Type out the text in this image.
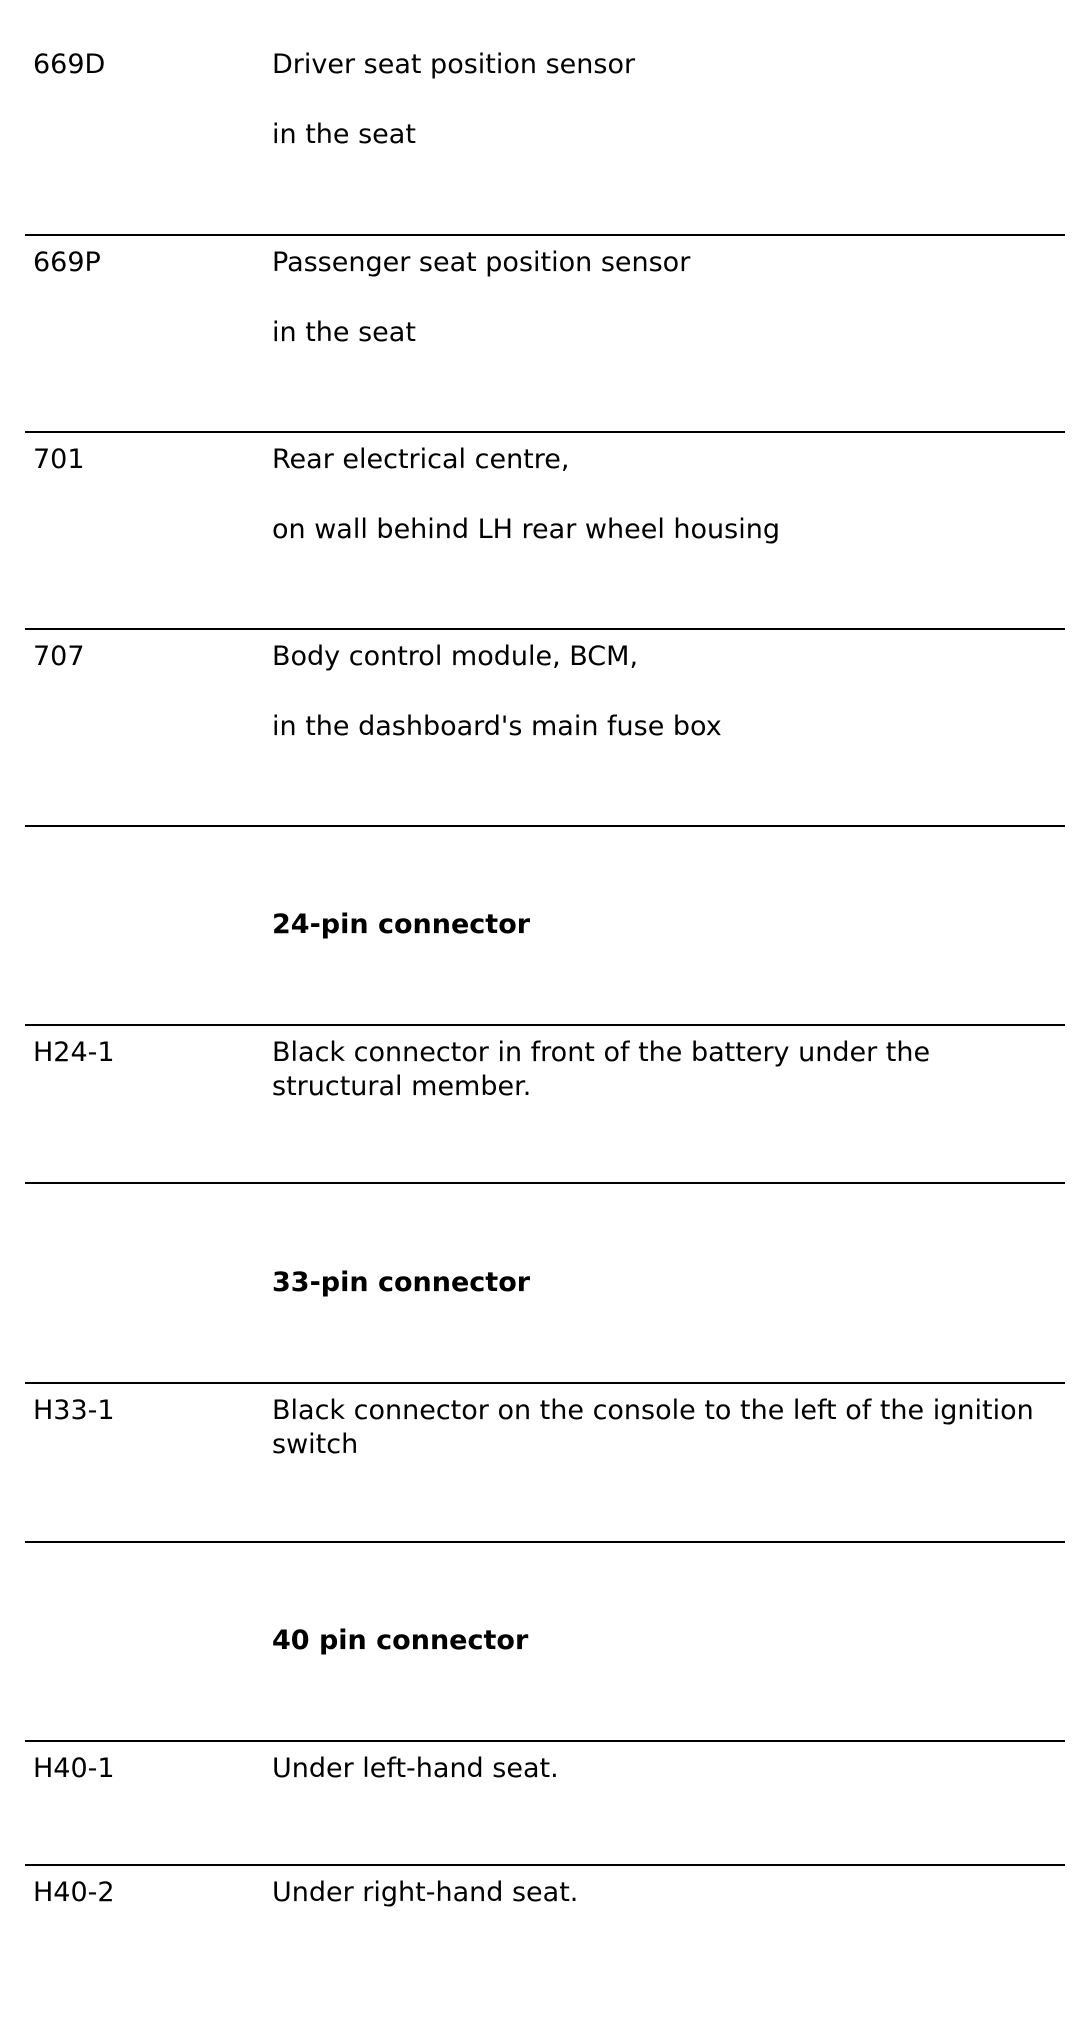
669D	Driver seat position sensor
in the seat
669P	Passenger seat position sensor
in the seat
701	Rear electrical centre,
on wall behind LH rear wheel housing
707	Body control module, BCM,
in the dashboard's main fuse box
24-pin connector
H24-1	Black connector in front of the battery under the structural member.
33-pin connector
H33-1	Black connector on the console to the left of the ignition switch
40 pin connector
H40-1	Under left-hand seat.
H40-2	Under right-hand seat.
